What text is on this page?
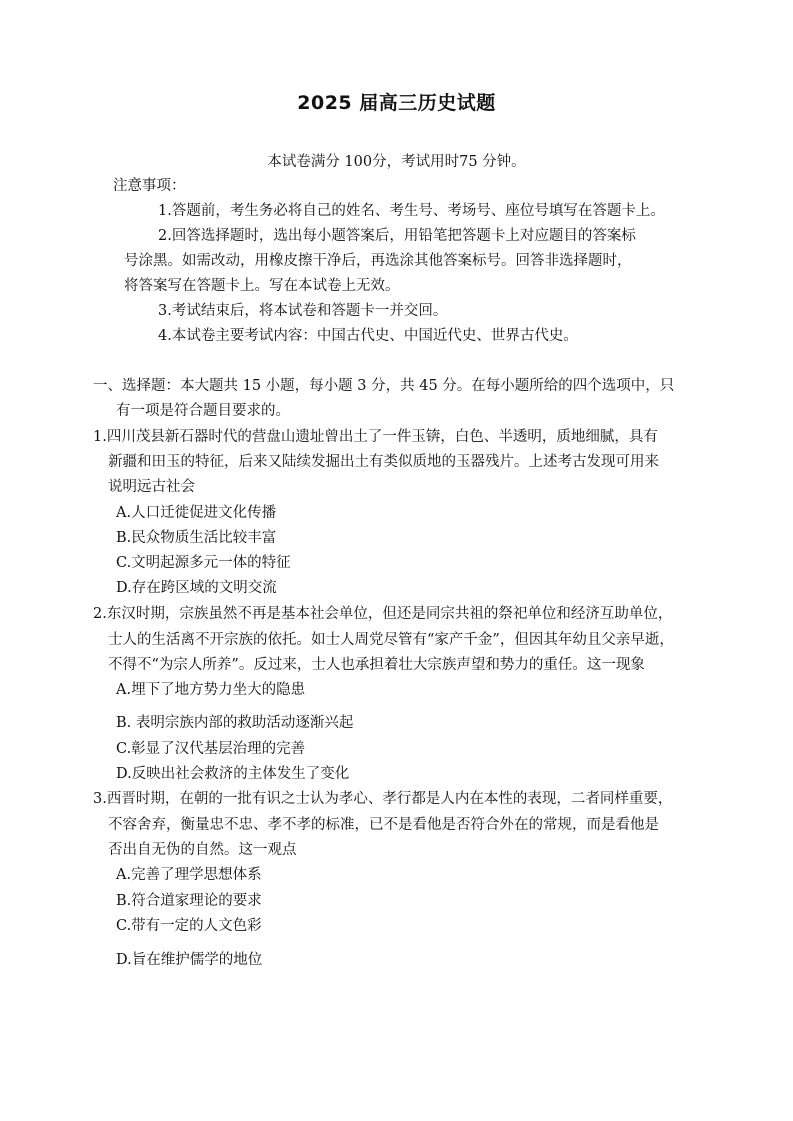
2025 届高三历史试题
本试卷满分 100分，考试用时75 分钟。
注意事项：
1.答题前，考生务必将自己的姓名、考生号、考场号、座位号填写在答题卡上。
2.回答选择题时，选出每小题答案后，用铅笔把答题卡上对应题目的答案标
号涂黑。如需改动，用橡皮擦干净后，再选涂其他答案标号。回答非选择题时，
将答案写在答题卡上。写在本试卷上无效。
3.考试结束后，将本试卷和答题卡一并交回。
4.本试卷主要考试内容：中国古代史、中国近代史、世界古代史。
一、选择题：本大题共 15 小题，每小题 3 分，共 45 分。在每小题所给的四个选项中，只
有一项是符合题目要求的。
1.四川茂县新石器时代的营盘山遗址曾出土了一件玉锛，白色、半透明，质地细腻，具有
新疆和田玉的特征，后来又陆续发掘出土有类似质地的玉器残片。上述考古发现可用来
说明远古社会
A.人口迁徙促进文化传播
B.民众物质生活比较丰富
C.文明起源多元一体的特征
D.存在跨区域的文明交流
2.东汉时期，宗族虽然不再是基本社会单位，但还是同宗共祖的祭祀单位和经济互助单位，
士人的生活离不开宗族的依托。如士人周党尽管有“家产千金”，但因其年幼且父亲早逝，
不得不“为宗人所养”。反过来，士人也承担着壮大宗族声望和势力的重任。这一现象
A.埋下了地方势力坐大的隐患
B. 表明宗族内部的救助活动逐渐兴起
C.彰显了汉代基层治理的完善
D.反映出社会救济的主体发生了变化
3.西晋时期，在朝的一批有识之士认为孝心、孝行都是人内在本性的表现，二者同样重要，
不容舍弃，衡量忠不忠、孝不孝的标准，已不是看他是否符合外在的常规，而是看他是
否出自无伪的自然。这一观点
A.完善了理学思想体系
B.符合道家理论的要求
C.带有一定的人文色彩
D.旨在维护儒学的地位
